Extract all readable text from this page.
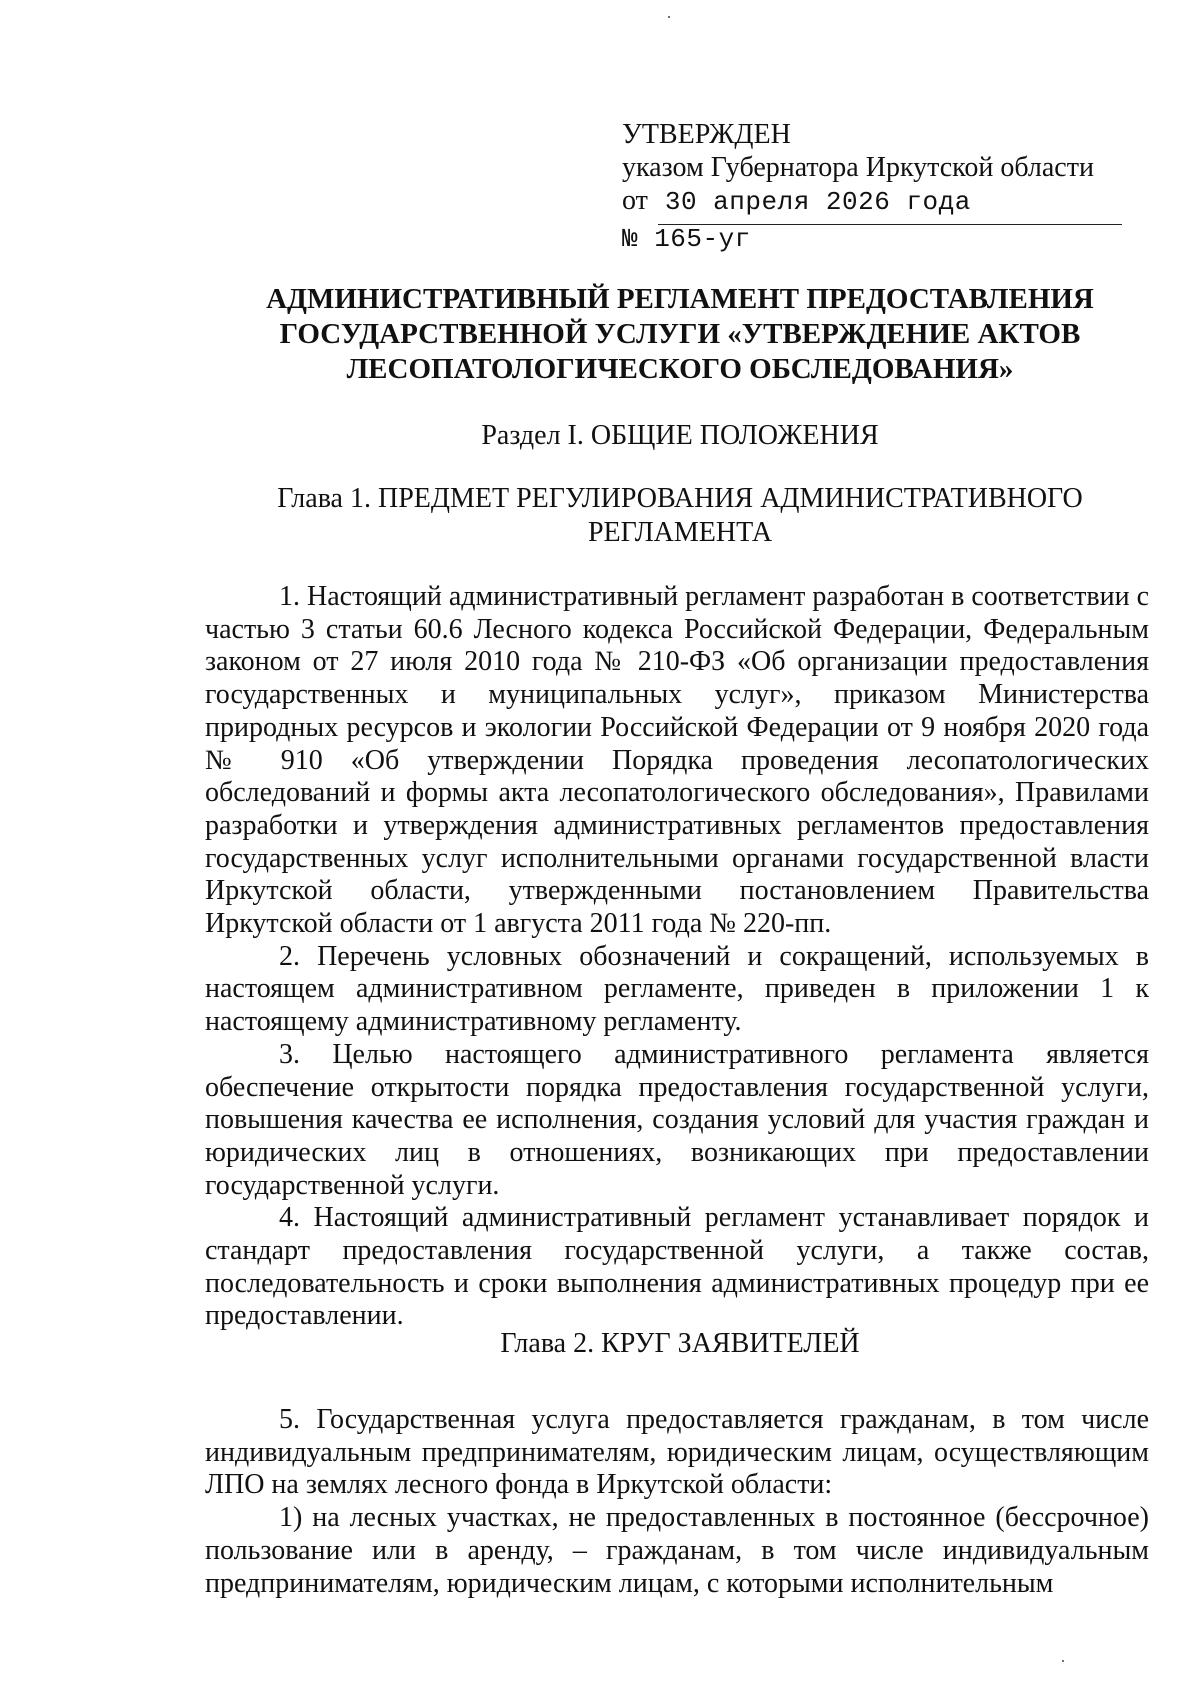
УТВЕРЖДЕН
указом Губернатора Иркутской области
от 30 апреля 2026 года
№ 165-уг
АДМИНИСТРАТИВНЫЙ РЕГЛАМЕНТ ПРЕДОСТАВЛЕНИЯ
ГОСУДАРСТВЕННОЙ УСЛУГИ «УТВЕРЖДЕНИЕ АКТОВ
ЛЕСОПАТОЛОГИЧЕСКОГО ОБСЛЕДОВАНИЯ»
Раздел I. ОБЩИЕ ПОЛОЖЕНИЯ
Глава 1. ПРЕДМЕТ РЕГУЛИРОВАНИЯ АДМИНИСТРАТИВНОГО
РЕГЛАМЕНТА

1. Настоящий административный регламент разработан в соответствии с частью 3 статьи 60.6 Лесного кодекса Российской Федерации, Федеральным законом от 27 июля 2010 года № 210-ФЗ «Об организации предоставления государственных и муниципальных услуг», приказом Министерства природных ресурсов и экологии Российской Федерации от 9 ноября 2020 года № 910 «Об утверждении Порядка проведения лесопатологических обследований и формы акта лесопатологического обследования», Правилами разработки и утверждения административных регламентов предоставления государственных услуг исполнительными органами государственной власти Иркутской области, утвержденными постановлением Правительства Иркутской области от 1 августа 2011 года № 220-пп.

2. Перечень условных обозначений и сокращений, используемых в настоящем административном регламенте, приведен в приложении 1 к настоящему административному регламенту.

3. Целью настоящего административного регламента является обеспечение открытости порядка предоставления государственной услуги, повышения качества ее исполнения, создания условий для участия граждан и юридических лиц в отношениях, возникающих при предоставлении государственной услуги.

4. Настоящий административный регламент устанавливает порядок и стандарт предоставления государственной услуги, а также состав, последовательность и сроки выполнения административных процедур при ее предоставлении.

Глава 2. КРУГ ЗАЯВИТЕЛЕЙ

5. Государственная услуга предоставляется гражданам, в том числе индивидуальным предпринимателям, юридическим лицам, осуществляющим ЛПО на землях лесного фонда в Иркутской области:

1) на лесных участках, не предоставленных в постоянное (бессрочное) пользование или в аренду, – гражданам, в том числе индивидуальным предпринимателям, юридическим лицам, с которыми исполнительным
